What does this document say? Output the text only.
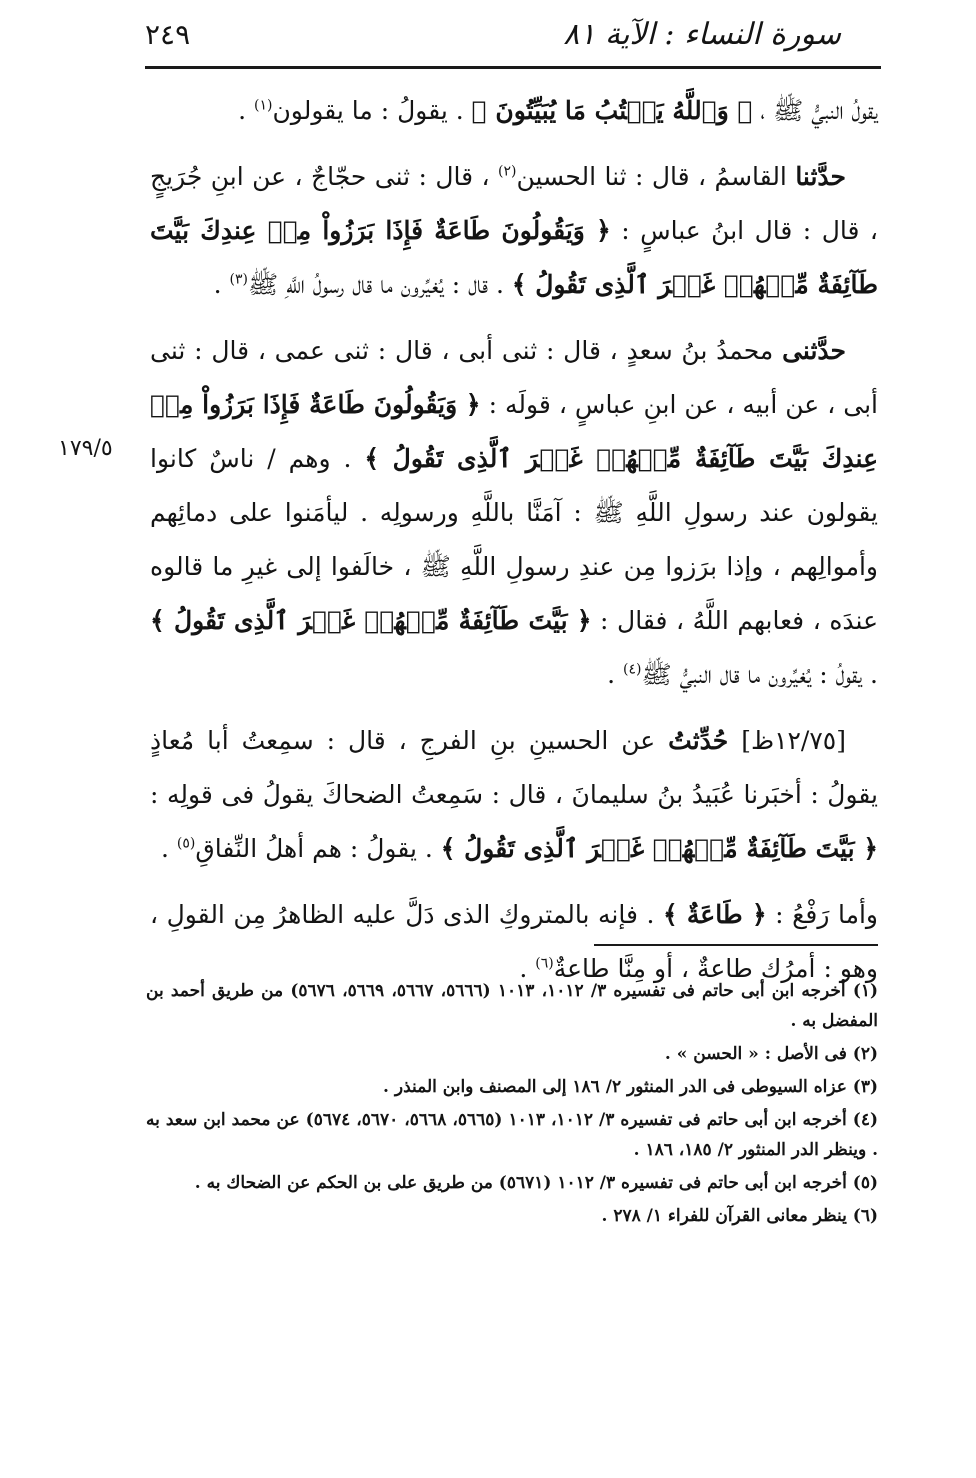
سورة النساء : الآية ٨١
٢٤٩

يقولُ النبيُّ ﷺ ، ﴿ وَٱللَّهُ يَكۡتُبُ مَا يُبَيِّتُونَ ﴾ . يقولُ : ما يقولون$^{(١)}$ .

حدَّثنا القاسمُ ، قال : ثنا الحسين$^{(٢)}$ ، قال : ثنى حجّاجٌ ، عن ابنِ جُرَيجٍ ، قال : قال ابنُ عباسٍ : ﴿ وَيَقُولُونَ طَاعَةٌ فَإِذَا بَرَزُواْ مِنۡ عِندِكَ بَيَّتَ طَآئِفَةٌ مِّنۡهُمۡ غَيۡرَ ٱلَّذِى تَقُولُ ﴾ . قال : يُغيِّرون ما قال رسولُ اللَّهِ ﷺ$^{(٣)}$ .

حدَّثنى محمدُ بنُ سعدٍ ، قال : ثنى أبى ، قال : ثنى عمى ، قال : ثنى أبى ، عن أبيه ، عن ابنِ عباسٍ ، قولَه : ﴿ وَيَقُولُونَ طَاعَةٌ فَإِذَا بَرَزُواْ مِنۡ عِندِكَ بَيَّتَ طَآئِفَةٌ مِّنۡهُمۡ غَيۡرَ ٱلَّذِى تَقُولُ ﴾ . وهم / ناسٌ كانوا يقولون عند رسولِ اللَّهِ ﷺ : آمَنَّا باللَّهِ ورسولِه . ليأمَنوا على دمائِهم وأموالِهم ، وإذا برَزوا مِن عندِ رسولِ اللَّهِ ﷺ ، خالَفوا إلى غيرِ ما قالوه عندَه ، فعابهم اللَّهُ ، فقال : ﴿ بَيَّتَ طَآئِفَةٌ مِّنۡهُمۡ غَيۡرَ ٱلَّذِى تَقُولُ ﴾ . يقولُ : يُغيِّرون ما قال النبيُّ ﷺ$^{(٤)}$ .

[١٢/٧٥ظ] حُدِّثتُ عن الحسينِ بنِ الفرجِ ، قال : سمِعتُ أبا مُعاذٍ يقولُ : أخبَرنا عُبَيدُ بنُ سليمانَ ، قال : سَمِعتُ الضحاكَ يقولُ فى قولِه : ﴿ بَيَّتَ طَآئِفَةٌ مِّنۡهُمۡ غَيۡرَ ٱلَّذِى تَقُولُ ﴾ . يقولُ : هم أهلُ النِّفاقِ$^{(٥)}$ .

وأما رَفْعُ : ﴿ طَاعَةٌ ﴾ . فإنه بالمتروكِ الذى دَلَّ عليه الظاهرُ مِن القولِ ، وهو : أمرُك طاعةٌ ، أو مِنَّا طاعةٌ$^{(٦)}$ .

١٧٩/٥

(١) أخرجه ابن أبى حاتم فى تفسيره ٣/ ١٠١٢، ١٠١٣ (٥٦٦٦، ٥٦٦٧، ٥٦٦٩، ٥٦٧٦) من طريق أحمد بن المفضل به .

(٢) فى الأصل : « الحسن » .

(٣) عزاه السيوطى فى الدر المنثور ٢/ ١٨٦ إلى المصنف وابن المنذر .

(٤) أخرجه ابن أبى حاتم فى تفسيره ٣/ ١٠١٢، ١٠١٣ (٥٦٦٥، ٥٦٦٨، ٥٦٧٠، ٥٦٧٤) عن محمد ابن سعد به . وينظر الدر المنثور ٢/ ١٨٥، ١٨٦ .

(٥) أخرجه ابن أبى حاتم فى تفسيره ٣/ ١٠١٢ (٥٦٧١) من طريق على بن الحكم عن الضحاك به .

(٦) ينظر معانى القرآن للفراء ١/ ٢٧٨ .
